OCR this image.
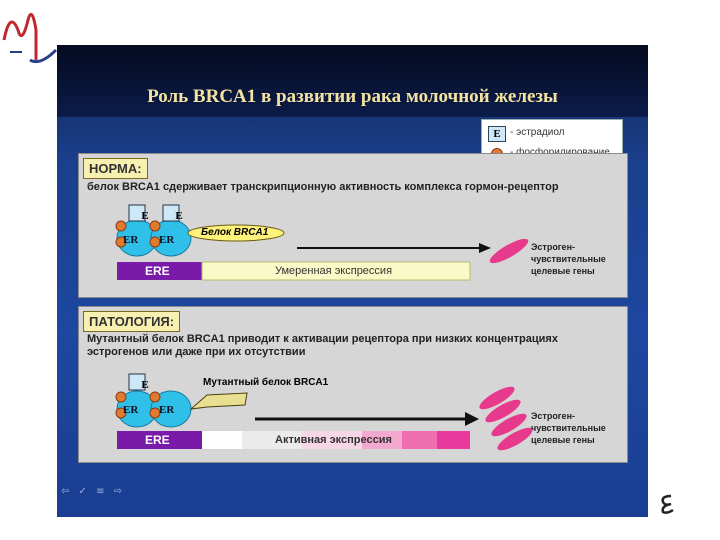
Роль BRCA1 в развитии рака молочной железы
E - эстрадиол
НОРМА:
белок BRCA1 сдерживает транскрипционную активность комплекса гормон-рецептор
E	E
ER ER
Белок BRCA1
ERE	Умеренная экспрессия
Эстроген-
чувствительные
целевые гены
ПАТОЛОГИЯ:
Мутантный белок BRCA1 приводит к активации рецептора при низких концентрациях
эстрогенов или даже при их отсутствии
E
ER ER
Мутантный белок BRCA1
ERE	Активная экспрессия
Эстроген-
чувствительные
целевые гены
⇦ ✓ ≡ ⇨
